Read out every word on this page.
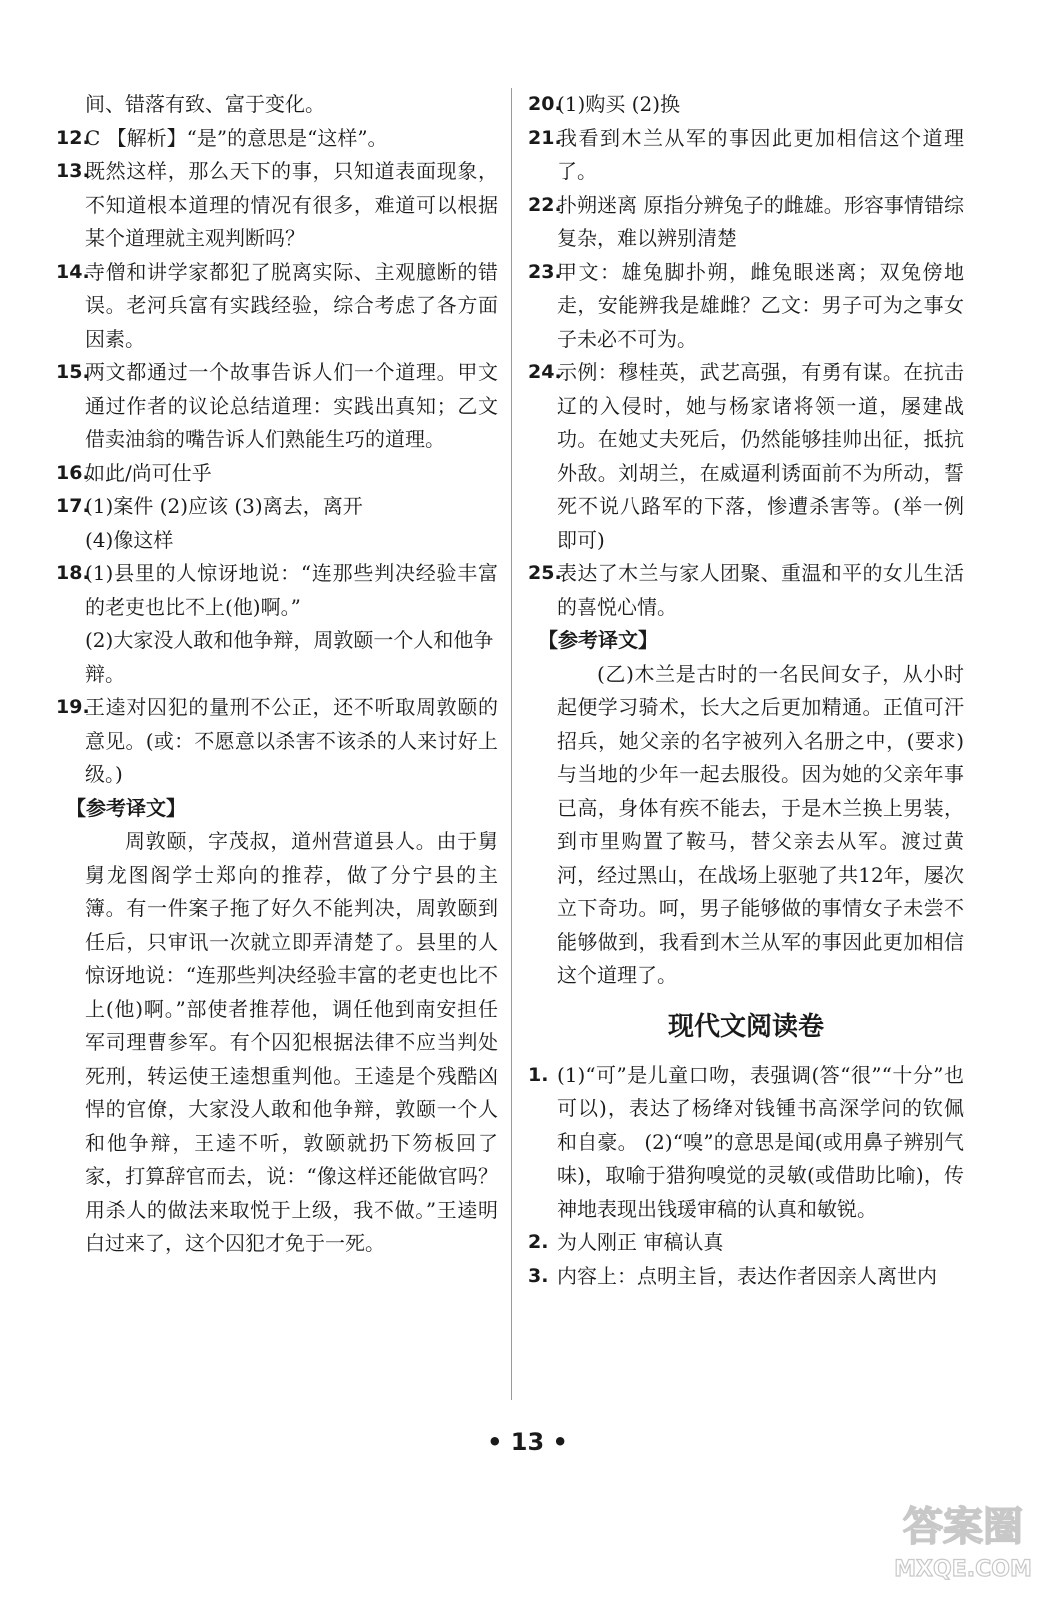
间、错落有致、富于变化。
12.
C 【解析】“是”的意思是“这样”。
13.
既然这样，那么天下的事，只知道表面现象，不知道根本道理的情况有很多，难道可以根据某个道理就主观判断吗？
14.
寺僧和讲学家都犯了脱离实际、主观臆断的错误。老河兵富有实践经验，综合考虑了各方面因素。
15.
两文都通过一个故事告诉人们一个道理。甲文通过作者的议论总结道理：实践出真知；乙文借卖油翁的嘴告诉人们熟能生巧的道理。
16.
如此/尚可仕乎
17.
(1)案件 (2)应该 (3)离去，离开
(4)像这样
18.
(1)县里的人惊讶地说：“连那些判决经验丰富的老吏也比不上(他)啊。”
(2)大家没人敢和他争辩，周敦颐一个人和他争辩。
19.
王逵对囚犯的量刑不公正，还不听取周敦颐的意见。(或：不愿意以杀害不该杀的人来讨好上级。)
【参考译文】
周敦颐，字茂叔，道州营道县人。由于舅舅龙图阁学士郑向的推荐，做了分宁县的主簿。有一件案子拖了好久不能判决，周敦颐到任后，只审讯一次就立即弄清楚了。县里的人惊讶地说：“连那些判决经验丰富的老吏也比不上(他)啊。”部使者推荐他，调任他到南安担任军司理曹参军。有个囚犯根据法律不应当判处死刑，转运使王逵想重判他。王逵是个残酷凶悍的官僚，大家没人敢和他争辩，敦颐一个人和他争辩，王逵不听，敦颐就扔下笏板回了家，打算辞官而去，说：“像这样还能做官吗？用杀人的做法来取悦于上级，我不做。”王逵明白过来了，这个囚犯才免于一死。
20.
(1)购买 (2)换
21.
我看到木兰从军的事因此更加相信这个道理了。
22.
扑朔迷离 原指分辨兔子的雌雄。形容事情错综复杂，难以辨别清楚
23.
甲文：雄兔脚扑朔，雌兔眼迷离；双兔傍地走，安能辨我是雄雌？乙文：男子可为之事女子未必不可为。
24.
示例：穆桂英，武艺高强，有勇有谋。在抗击辽的入侵时，她与杨家诸将领一道，屡建战功。在她丈夫死后，仍然能够挂帅出征，抵抗外敌。刘胡兰，在威逼利诱面前不为所动，誓死不说八路军的下落，惨遭杀害等。(举一例即可)
25.
表达了木兰与家人团聚、重温和平的女儿生活的喜悦心情。
【参考译文】
(乙)木兰是古时的一名民间女子，从小时起便学习骑术，长大之后更加精通。正值可汗招兵，她父亲的名字被列入名册之中，(要求)与当地的少年一起去服役。因为她的父亲年事已高，身体有疾不能去，于是木兰换上男装，到市里购置了鞍马，替父亲去从军。渡过黄河，经过黑山，在战场上驱驰了共12年，屡次立下奇功。呵，男子能够做的事情女子未尝不能够做到，我看到木兰从军的事因此更加相信这个道理了。
现代文阅读卷
1. (1)“可”是儿童口吻，表强调(答“很”“十分”也可以)，表达了杨绛对钱锺书高深学问的钦佩和自豪。 (2)“嗅”的意思是闻(或用鼻子辨别气味)，取喻于猎狗嗅觉的灵敏(或借助比喻)，传神地表现出钱瑗审稿的认真和敏锐。
2. 为人刚正 审稿认真
3. 内容上：点明主旨，表达作者因亲人离世内
• 13 •
答案圈
MXQE.COM
